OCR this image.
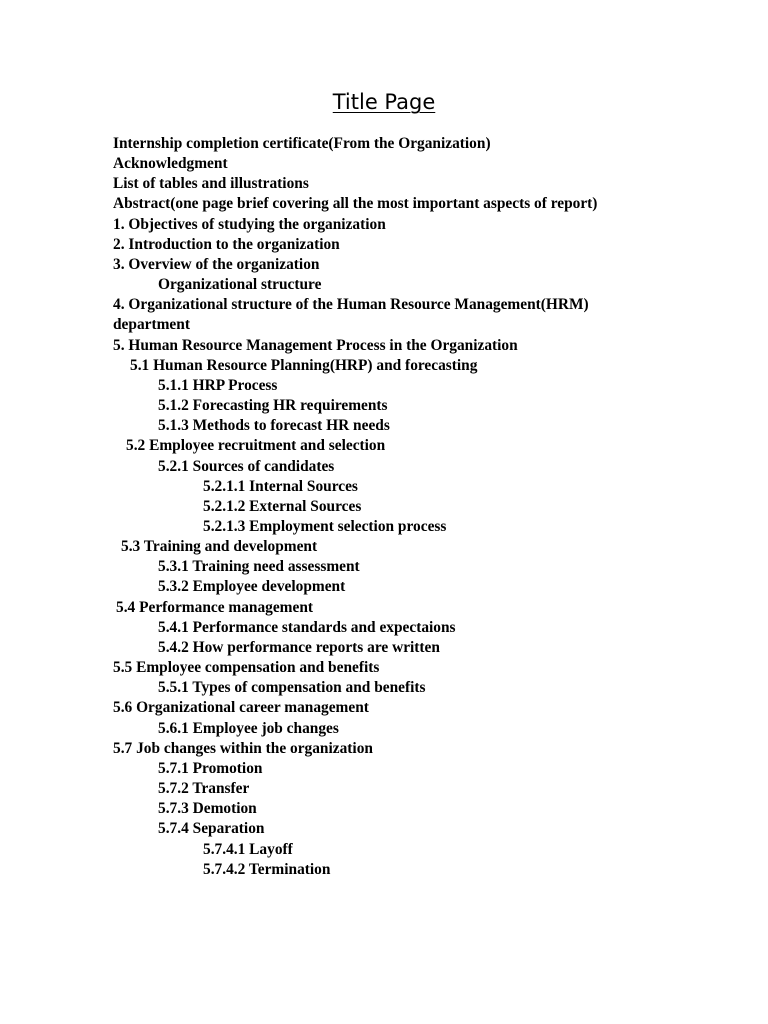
Title Page
Internship completion certificate(From the Organization)
Acknowledgment
List of tables and illustrations
Abstract(one page brief covering all the most important aspects of report)
1. Objectives of studying the organization
2. Introduction to the organization
3. Overview of the organization
Organizational structure
4. Organizational structure of the Human Resource Management(HRM) department
5. Human Resource Management Process in the Organization
5.1 Human Resource Planning(HRP) and forecasting
5.1.1 HRP Process
5.1.2 Forecasting HR requirements
5.1.3 Methods to forecast HR needs
5.2 Employee recruitment and selection
5.2.1 Sources of candidates
5.2.1.1 Internal Sources
5.2.1.2 External Sources
5.2.1.3 Employment selection process
5.3 Training and development
5.3.1 Training need assessment
5.3.2 Employee development
5.4 Performance management
5.4.1 Performance standards and expectaions
5.4.2 How performance reports are written
5.5 Employee compensation and benefits
5.5.1 Types of compensation and benefits
5.6 Organizational career management
5.6.1 Employee job changes
5.7 Job changes within the organization
5.7.1 Promotion
5.7.2 Transfer
5.7.3 Demotion
5.7.4 Separation
5.7.4.1 Layoff
5.7.4.2 Termination
